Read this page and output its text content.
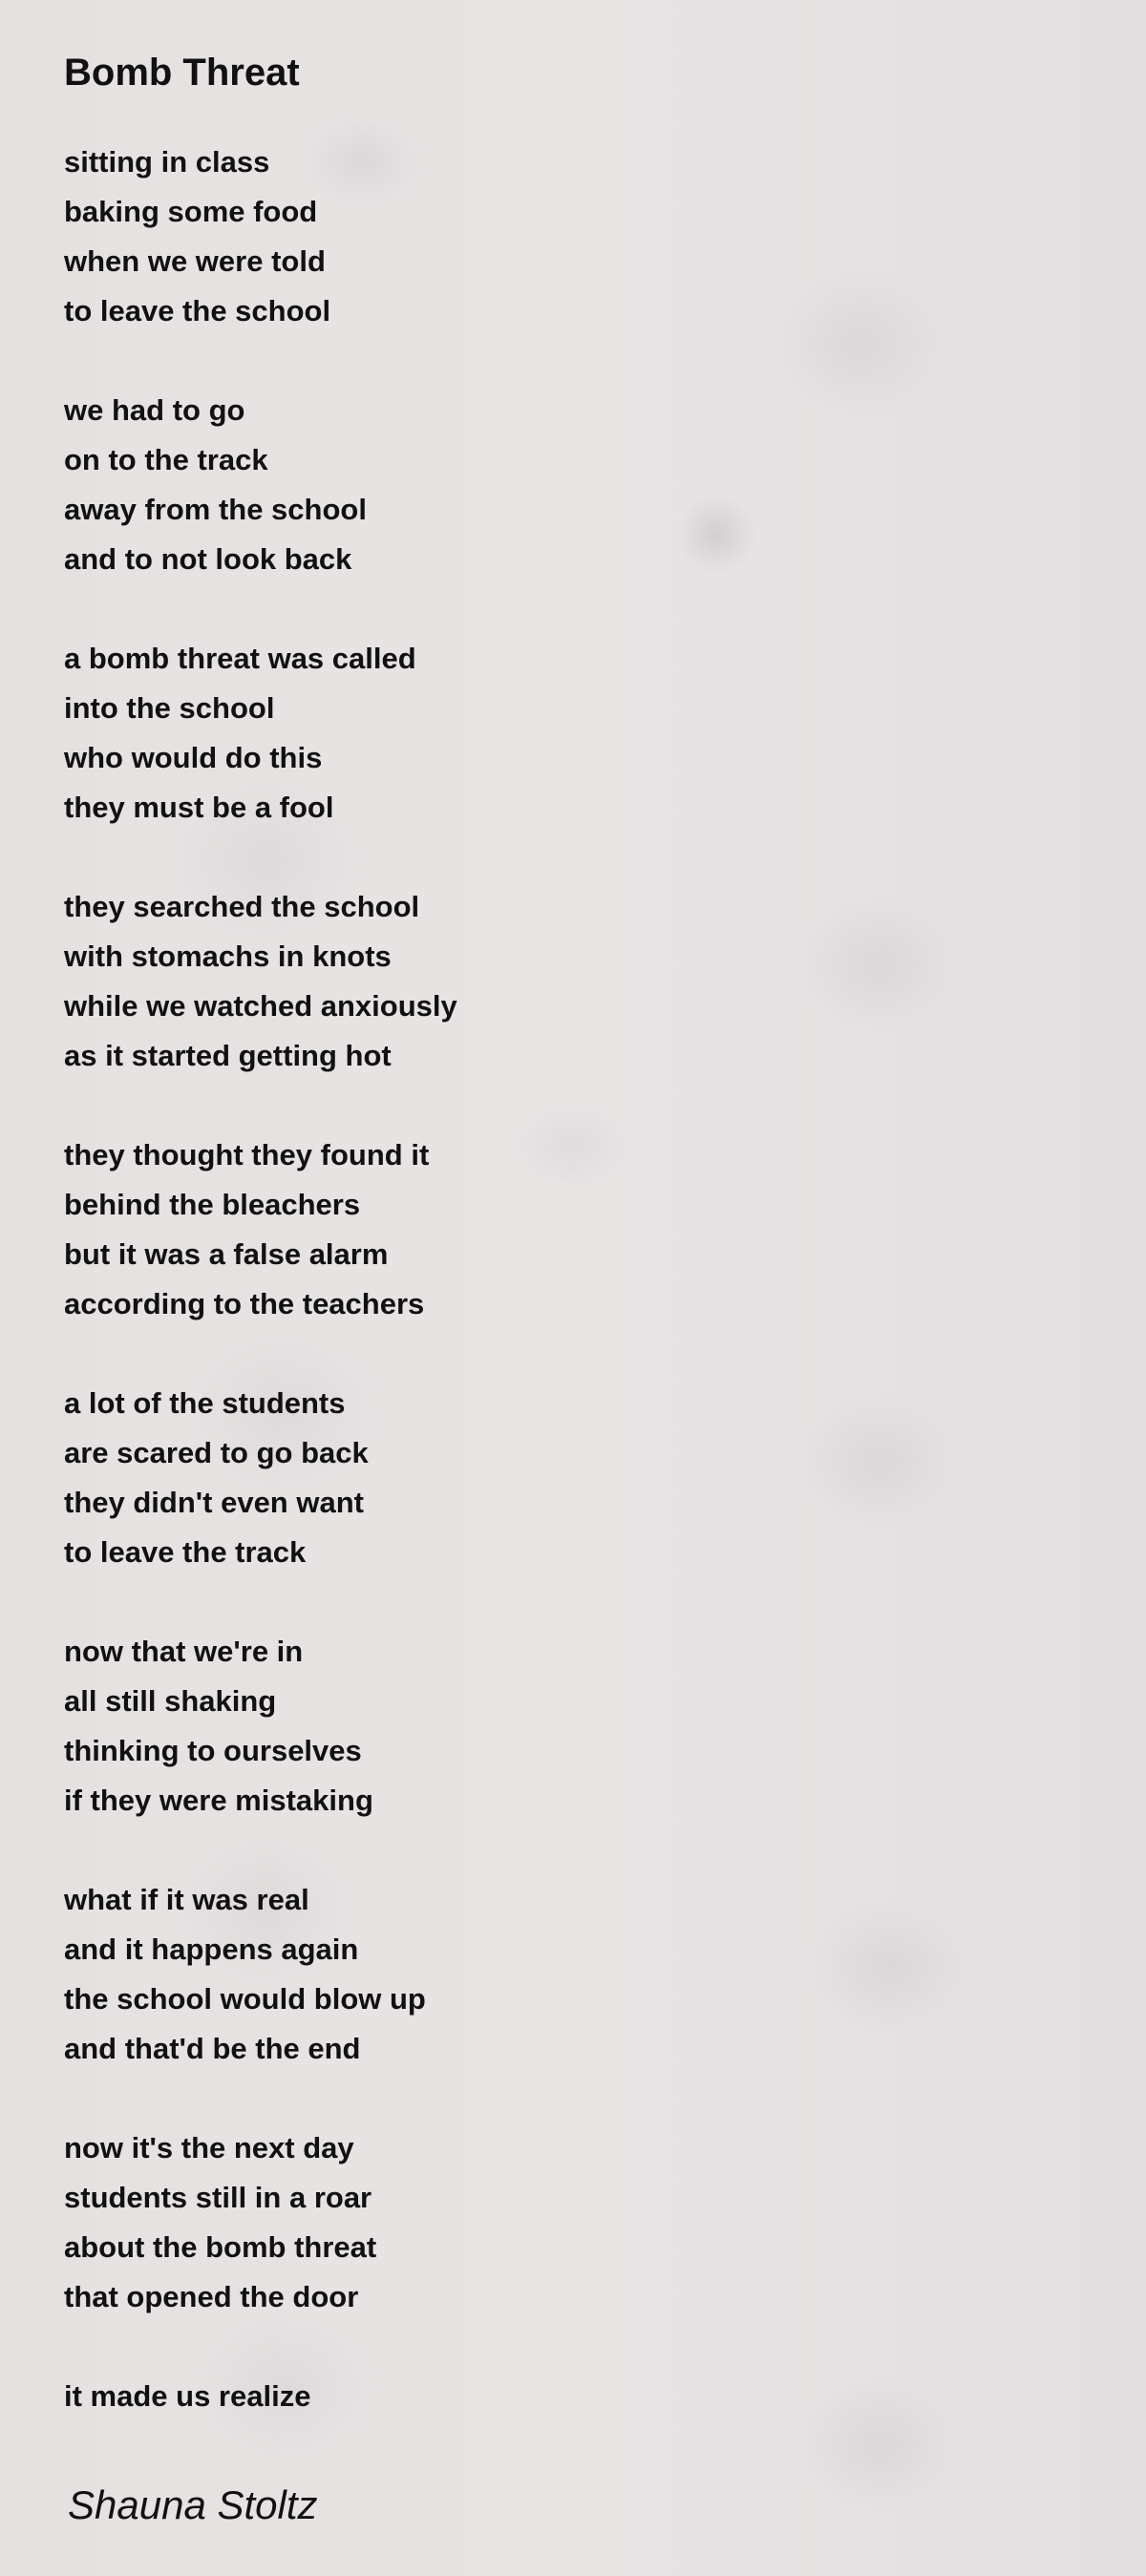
Bomb Threat
sitting in class
baking some food
when we were told
to leave the school
we had to go
on to the track
away from the school
and to not look back
a bomb threat was called
into the school
who would do this
they must be a fool
they searched the school
with stomachs in knots
while we watched anxiously
as it started getting hot
they thought they found it
behind the bleachers
but it was a false alarm
according to the teachers
a lot of the students
are scared to go back
they didn't even want
to leave the track
now that we're in
all still shaking
thinking to ourselves
if they were mistaking
what if it was real
and it happens again
the school would blow up
and that'd be the end
now it's the next day
students still in a roar
about the bomb threat
that opened the door
it made us realize
Shauna Stoltz
